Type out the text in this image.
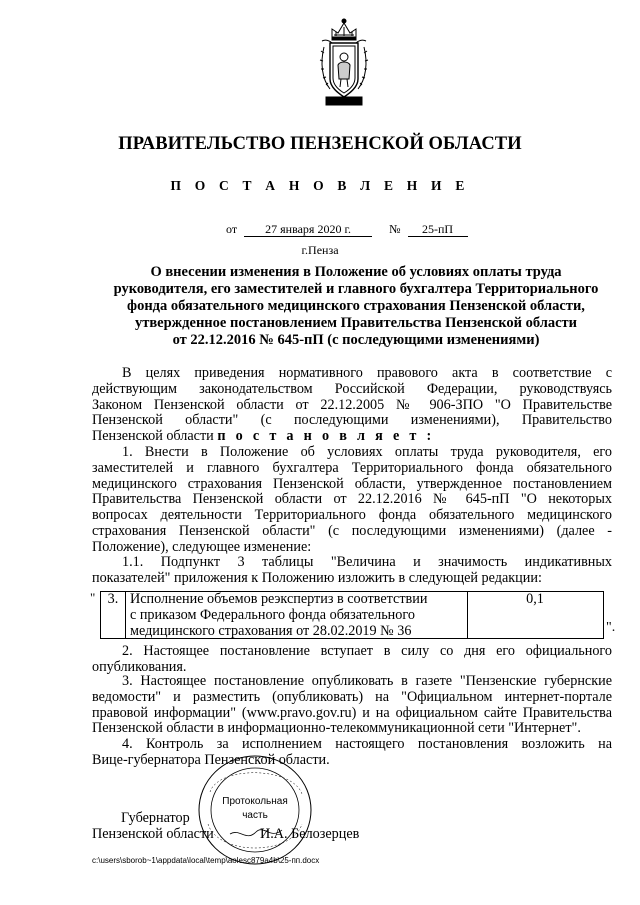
ПРАВИТЕЛЬСТВО ПЕНЗЕНСКОЙ ОБЛАСТИ
П О С Т А Н О В Л Е Н И Е
от 27 января 2020 г.	№ 25-пП
г.Пенза
О внесении изменения в Положение об условиях оплаты труда
руководителя, его заместителей и главного бухгалтера Территориального
фонда обязательного медицинского страхования Пензенской области,
утвержденное постановлением Правительства Пензенской области
от 22.12.2016 № 645-пП (с последующими изменениями)
В целях приведения нормативного правового акта в соответствие с
действующим законодательством Российской Федерации, руководствуясь
Законом Пензенской области от 22.12.2005 № 906-ЗПО "О Правительстве
Пензенской области" (с последующими изменениями), Правительство
Пензенской области п о с т а н о в л я е т :
1. Внести в Положение об условиях оплаты труда руководителя, его
заместителей и главного бухгалтера Территориального фонда обязательного
медицинского страхования Пензенской области, утвержденное постановлением
Правительства Пензенской области от 22.12.2016 № 645-пП "О некоторых
вопросах деятельности Территориального фонда обязательного медицинского
страхования Пензенской области" (с последующими изменениями) (далее -
Положение), следующее изменение:
1.1. Подпункт 3 таблицы "Величина и значимость индикативных
показателей" приложения к Положению изложить в следующей редакции:
" 3. Исполнение объемов реэкспертиз в соответствии
с приказом Федерального фонда обязательного
медицинского страхования от 28.02.2019 № 36
0,1
".
2. Настоящее постановление вступает в силу со дня его официального
опубликования.
3. Настоящее постановление опубликовать в газете "Пензенские губернские
ведомости" и разместить (опубликовать) на "Официальном интернет-портале
правовой информации" (www.pravo.gov.ru) и на официальном сайте Правительства
Пензенской области в информационно-телекоммуникационной сети "Интернет".
4. Контроль за исполнением настоящего постановления возложить на
Вице-губернатора Пензенской области.
Протокольная
часть
Губернатор
Пензенской области	И.А. Белозерцев
c:\users\sborob~1\appdata\local\temp\aolesc879a4b\25-пп.docx
